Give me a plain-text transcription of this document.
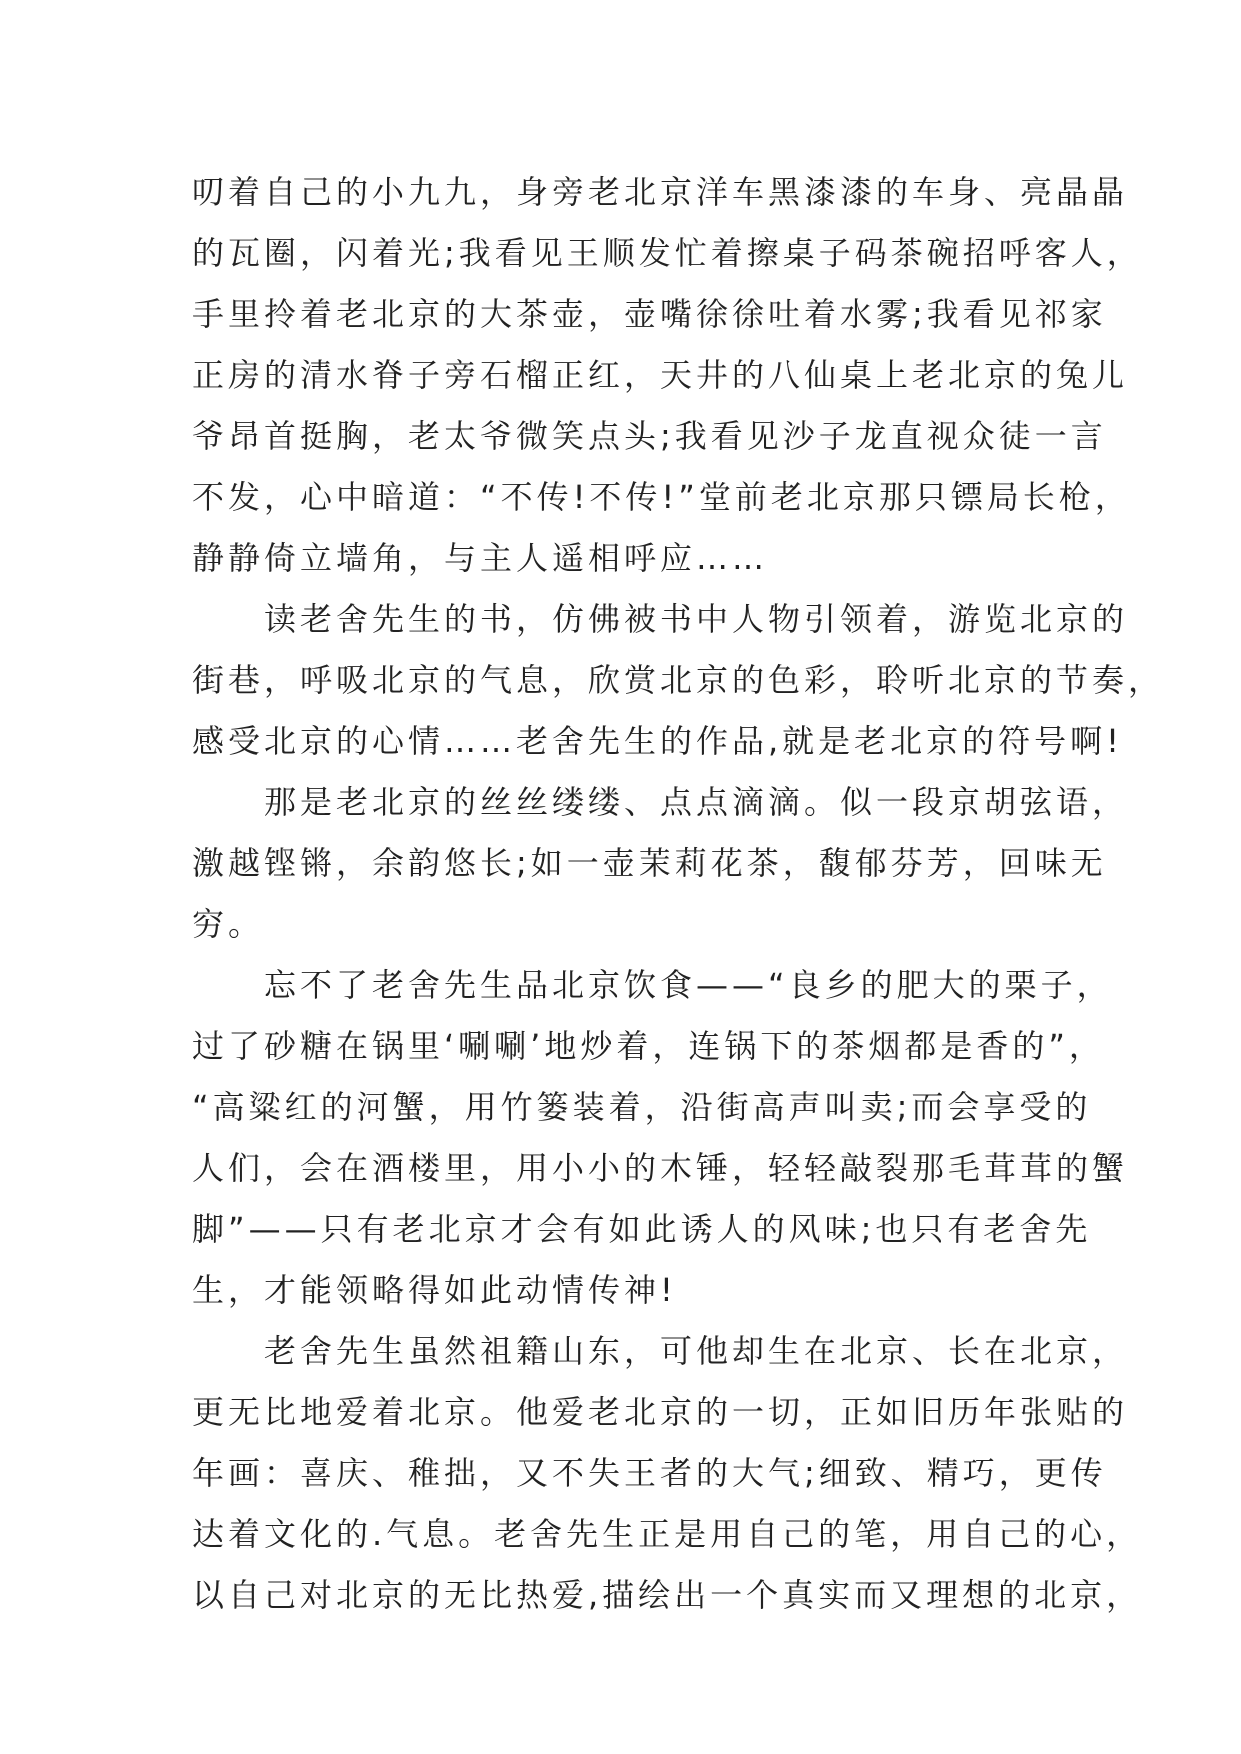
叨着自己的小九九，身旁老北京洋车黑漆漆的车身、亮晶晶
的瓦圈，闪着光;我看见王顺发忙着擦桌子码茶碗招呼客人，
手里拎着老北京的大茶壶，壶嘴徐徐吐着水雾;我看见祁家
正房的清水脊子旁石榴正红，天井的八仙桌上老北京的兔儿
爷昂首挺胸，老太爷微笑点头;我看见沙子龙直视众徒一言
不发，心中暗道：“不传!不传!”堂前老北京那只镖局长枪，
静静倚立墙角，与主人遥相呼应……
　　读老舍先生的书，仿佛被书中人物引领着，游览北京的
街巷，呼吸北京的气息，欣赏北京的色彩，聆听北京的节奏，
感受北京的心情……老舍先生的作品,就是老北京的符号啊!
　　那是老北京的丝丝缕缕、点点滴滴。似一段京胡弦语，
激越铿锵，余韵悠长;如一壶茉莉花茶，馥郁芬芳，回味无
穷。
　　忘不了老舍先生品北京饮食——“良乡的肥大的栗子，
过了砂糖在锅里‘唰唰’地炒着，连锅下的茶烟都是香的”，
“高粱红的河蟹，用竹篓装着，沿街高声叫卖;而会享受的
人们，会在酒楼里，用小小的木锤，轻轻敲裂那毛茸茸的蟹
脚”——只有老北京才会有如此诱人的风味;也只有老舍先
生，才能领略得如此动情传神!
　　老舍先生虽然祖籍山东，可他却生在北京、长在北京，
更无比地爱着北京。他爱老北京的一切，正如旧历年张贴的
年画：喜庆、稚拙，又不失王者的大气;细致、精巧，更传
达着文化的.气息。老舍先生正是用自己的笔，用自己的心，
以自己对北京的无比热爱,描绘出一个真实而又理想的北京，
